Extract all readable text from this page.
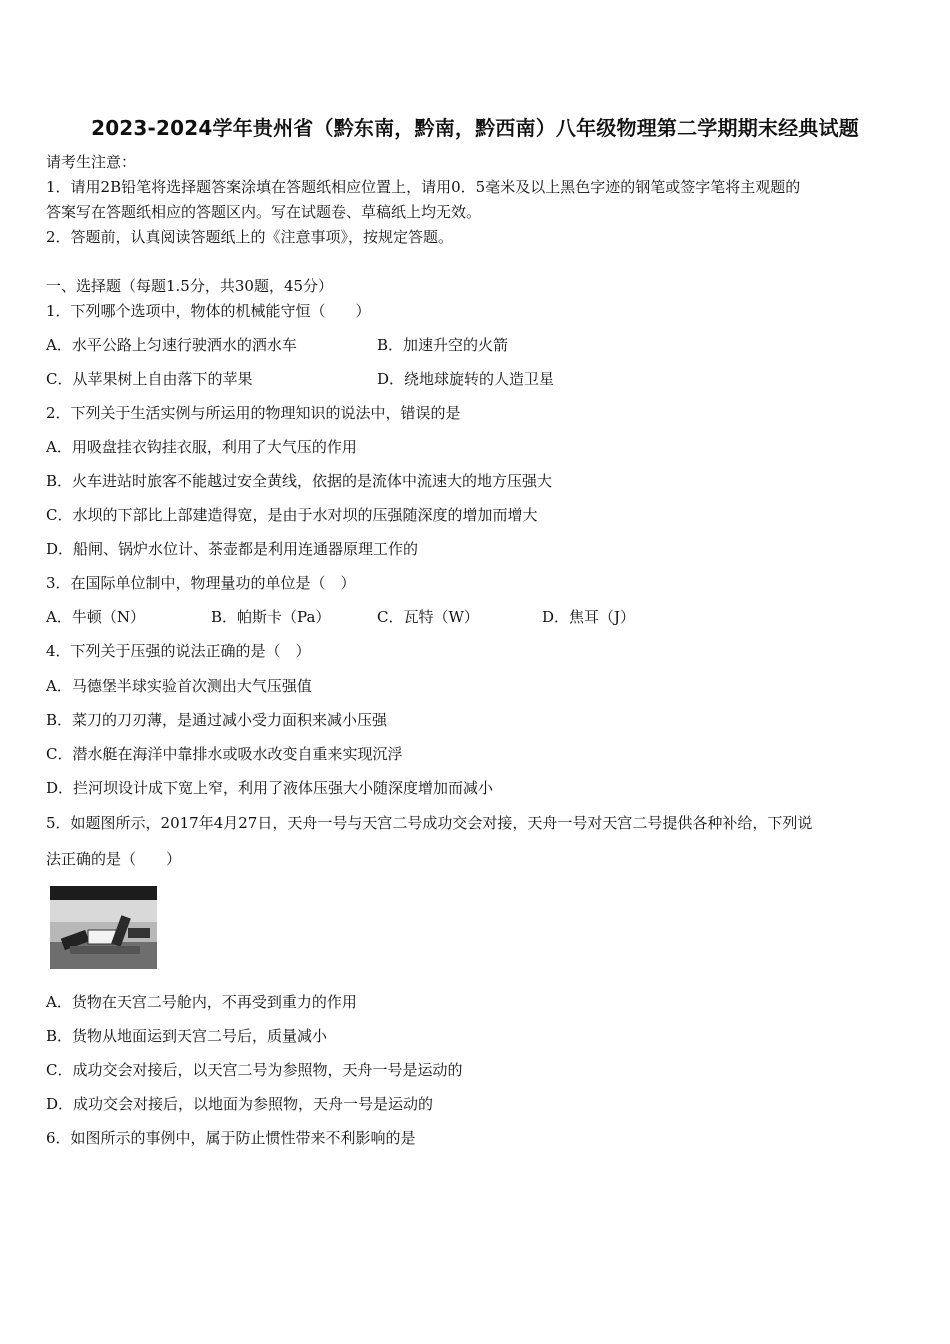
2023-2024学年贵州省（黔东南，黔南，黔西南）八年级物理第二学期期末经典试题
请考生注意：
1．请用2B铅笔将选择题答案涂填在答题纸相应位置上，请用0．5毫米及以上黑色字迹的钢笔或签字笔将主观题的
答案写在答题纸相应的答题区内。写在试题卷、草稿纸上均无效。
2．答题前，认真阅读答题纸上的《注意事项》，按规定答题。
一、选择题（每题1.5分，共30题，45分）
1．下列哪个选项中，物体的机械能守恒（　　）
A．水平公路上匀速行驶洒水的洒水车	B．加速升空的火箭
C．从苹果树上自由落下的苹果	D．绕地球旋转的人造卫星
2．下列关于生活实例与所运用的物理知识的说法中，错误的是
A．用吸盘挂衣钩挂衣服，利用了大气压的作用
B．火车进站时旅客不能越过安全黄线，依据的是流体中流速大的地方压强大
C．水坝的下部比上部建造得宽，是由于水对坝的压强随深度的增加而增大
D．船闸、锅炉水位计、茶壶都是利用连通器原理工作的
3．在国际单位制中，物理量功的单位是（　）
A．牛顿（N）	B．帕斯卡（Pa）	C．瓦特（W）	D．焦耳（J）
4．下列关于压强的说法正确的是（　）
A．马德堡半球实验首次测出大气压强值
B．菜刀的刀刃薄，是通过减小受力面积来减小压强
C．潜水艇在海洋中靠排水或吸水改变自重来实现沉浮
D．拦河坝设计成下宽上窄，利用了液体压强大小随深度增加而减小
5．如题图所示，2017年4月27日，天舟一号与天宫二号成功交会对接，天舟一号对天宫二号提供各种补给，下列说
法正确的是（　　）
A．货物在天宫二号舱内，不再受到重力的作用
B．货物从地面运到天宫二号后，质量减小
C．成功交会对接后，以天宫二号为参照物，天舟一号是运动的
D．成功交会对接后，以地面为参照物，天舟一号是运动的
6．如图所示的事例中，属于防止惯性带来不利影响的是
